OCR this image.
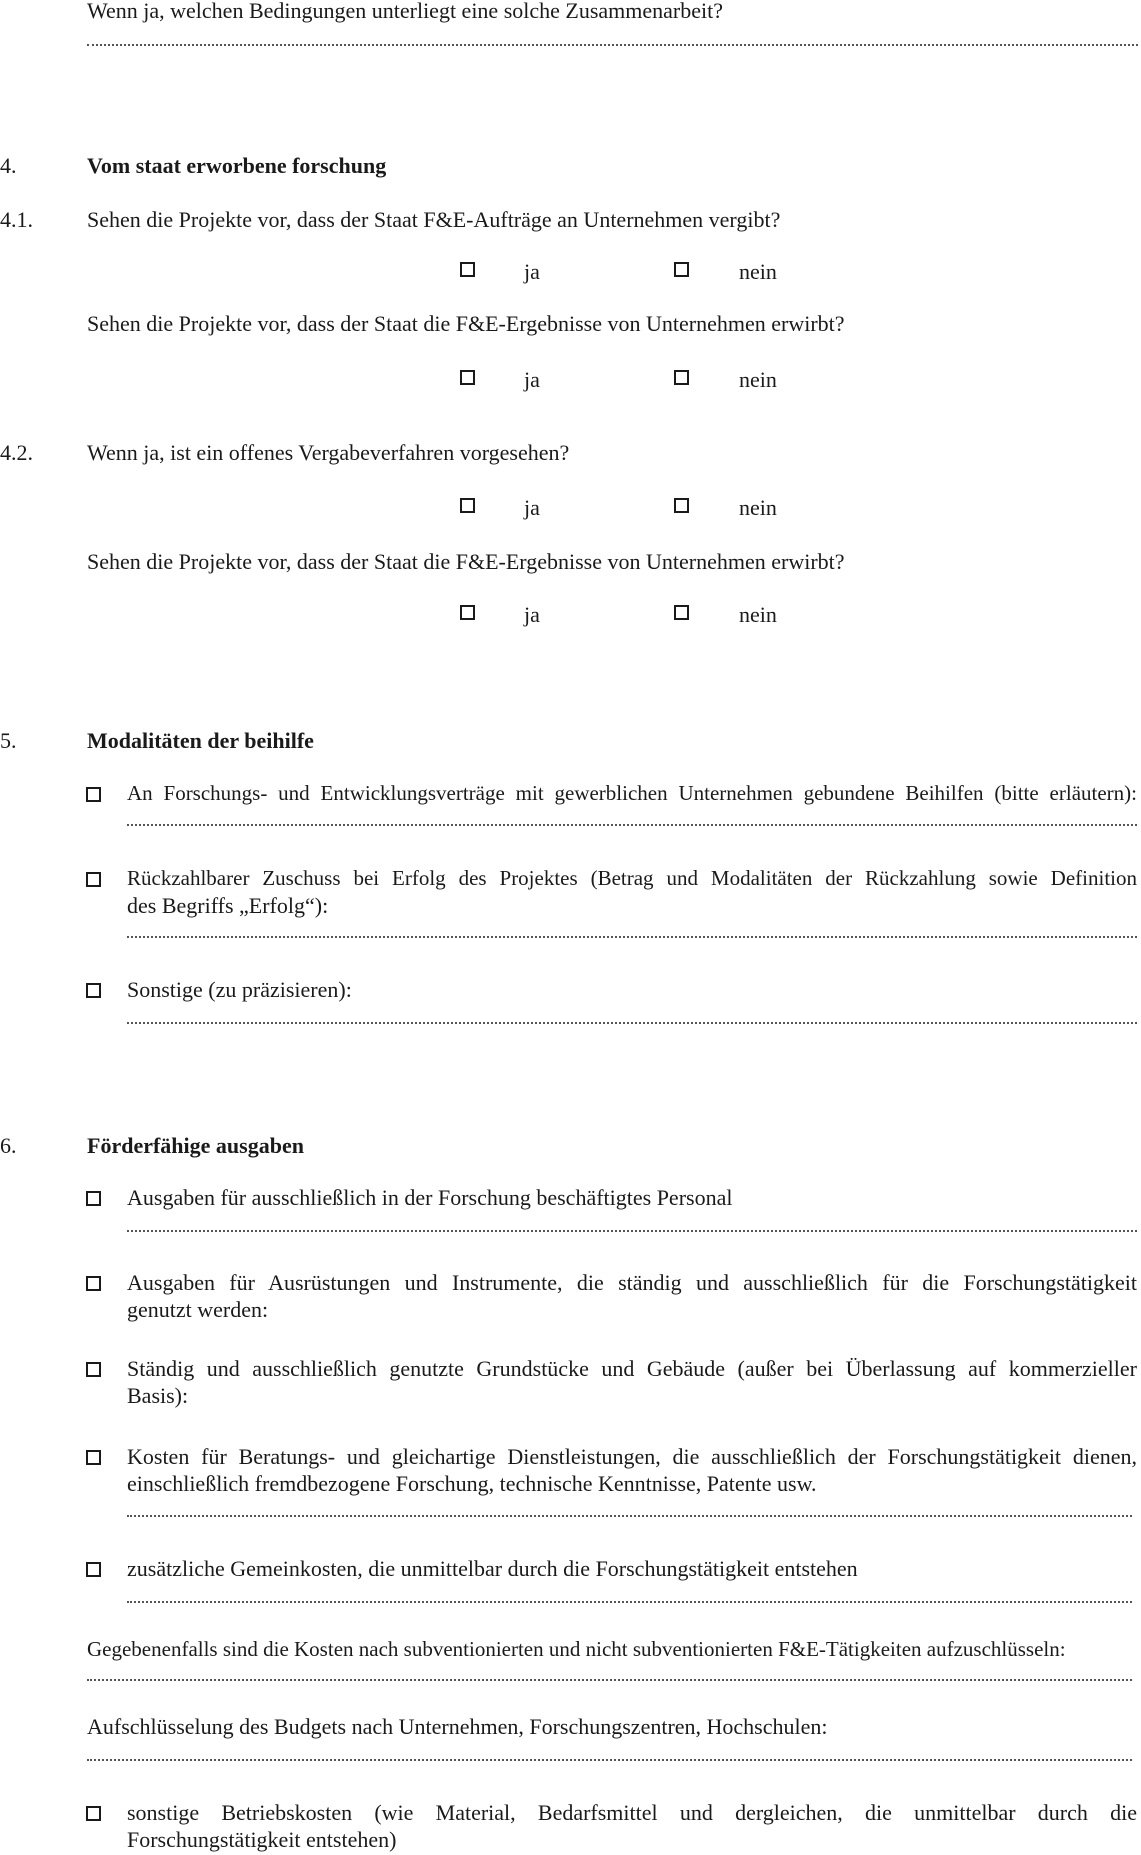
Wenn ja, welchen Bedingungen unterliegt eine solche Zusammenarbeit?
4.	Vom staat erworbene forschung
4.1. Sehen die Projekte vor, dass der Staat F&E-Aufträge an Unternehmen vergibt?
ja	nein
Sehen die Projekte vor, dass der Staat die F&E-Ergebnisse von Unternehmen erwirbt?
ja	nein
4.2. Wenn ja, ist ein offenes Vergabeverfahren vorgesehen?
ja	nein
Sehen die Projekte vor, dass der Staat die F&E-Ergebnisse von Unternehmen erwirbt?
ja	nein
5.	Modalitäten der beihilfe
An Forschungs- und Entwicklungsverträge mit gewerblichen Unternehmen gebundene Beihilfen (bitte erläutern):
Rückzahlbarer Zuschuss bei Erfolg des Projektes (Betrag und Modalitäten der Rückzahlung sowie Definition
des Begriffs „Erfolg“):
Sonstige (zu präzisieren):
6.	Förderfähige ausgaben
Ausgaben für ausschließlich in der Forschung beschäftigtes Personal
Ausgaben für Ausrüstungen und Instrumente, die ständig und ausschließlich für die Forschungstätigkeit
genutzt werden:
Ständig und ausschließlich genutzte Grundstücke und Gebäude (außer bei Überlassung auf kommerzieller
Basis):
Kosten für Beratungs- und gleichartige Dienstleistungen, die ausschließlich der Forschungstätigkeit dienen,
einschließlich fremdbezogene Forschung, technische Kenntnisse, Patente usw.
zusätzliche Gemeinkosten, die unmittelbar durch die Forschungstätigkeit entstehen
Gegebenenfalls sind die Kosten nach subventionierten und nicht subventionierten F&E-Tätigkeiten aufzuschlüsseln:
Aufschlüsselung des Budgets nach Unternehmen, Forschungszentren, Hochschulen:
sonstige Betriebskosten (wie Material, Bedarfsmittel und dergleichen, die unmittelbar durch die
Forschungstätigkeit entstehen)
